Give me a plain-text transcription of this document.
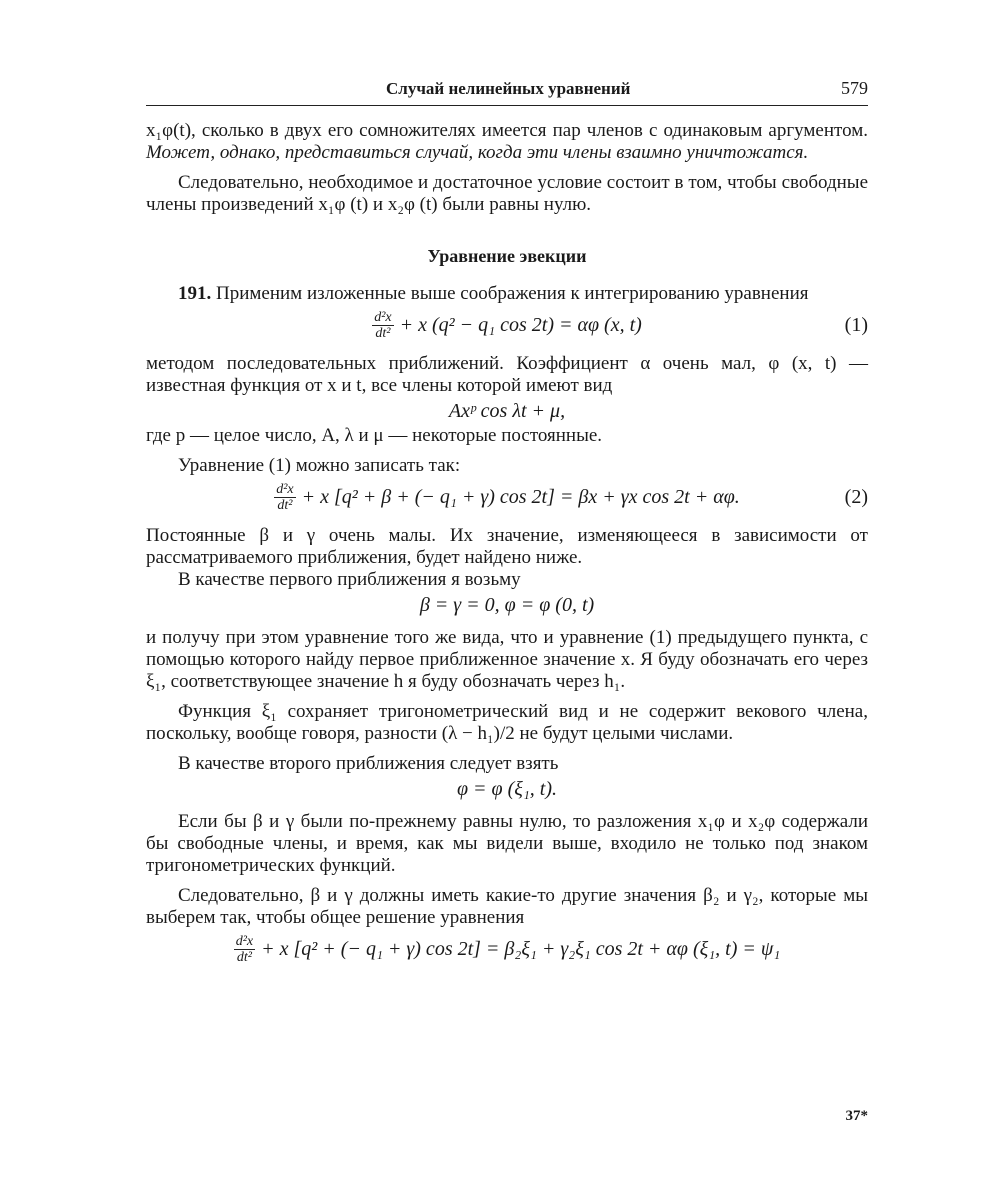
Случай нелинейных уравнений	579

x₁φ(t), сколько в двух его сомножителях имеется пар членов с одинаковым аргументом. Может, однако, представиться случай, когда эти члены взаимно уничтожатся.

Следовательно, необходимое и достаточное условие состоит в том, чтобы свободные члены произведений x₁φ (t) и x₂φ (t) были равны нулю.

Уравнение эвекции

191. Применим изложенные выше соображения к интегрированию уравнения

$\frac{\text{d²x}}{\text{dt²}} + x$ (q² − q₁ cos 2t) = αφ (x, t)	(1)

методом последовательных приближений. Коэффициент α очень мал, φ (x, t) — известная функция от x и t, все члены которой имеют вид

Axᵖ cos λt + μ,

где p — целое число, A, λ и μ — некоторые постоянные.

Уравнение (1) можно записать так:

$\frac{\text{d²x}}{\text{dt²}} + x$ [q² + β + (− q₁ + γ) cos 2t] = βx + γx cos 2t + αφ.	(2)

Постоянные β и γ очень малы. Их значение, изменяющееся в зависимости от рассматриваемого приближения, будет найдено ниже.

В качестве первого приближения я возьму

β = γ = 0, φ = φ (0, t)

и получу при этом уравнение того же вида, что и уравнение (1) предыдущего пункта, с помощью которого найду первое приближенное значение x. Я буду обозначать его через ξ₁, соответствующее значение h я буду обозначать через h₁.

Функция ξ₁ сохраняет тригонометрический вид и не содержит векового члена, поскольку, вообще говоря, разности (λ − h₁)/2 не будут целыми числами.

В качестве второго приближения следует взять

φ = φ (ξ₁, t).

Если бы β и γ были по-прежнему равны нулю, то разложения x₁φ и x₂φ содержали бы свободные члены, и время, как мы видели выше, входило не только под знаком тригонометрических функций.

Следовательно, β и γ должны иметь какие-то другие значения β₂ и γ₂, которые мы выберем так, чтобы общее решение уравнения

$\frac{\text{d²x}}{\text{dt²}} + x$ [q² + (− q₁ + γ) cos 2t] = β₂ξ₁ + γ₂ξ₁ cos 2t + αφ (ξ₁, t) = ψ₁
37*
